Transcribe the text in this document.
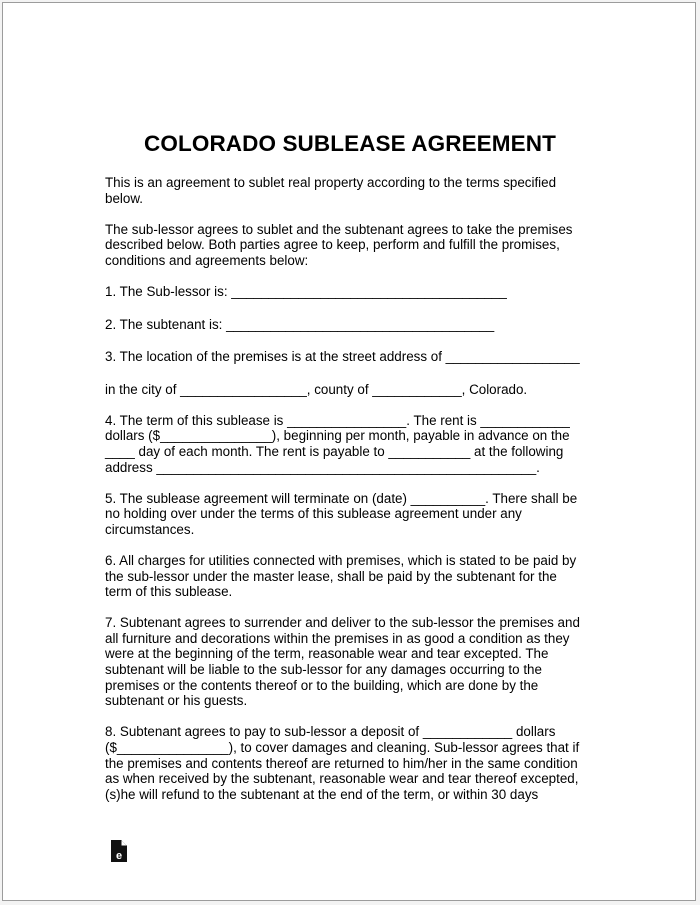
COLORADO SUBLEASE AGREEMENT

This is an agreement to sublet real property according to the terms specified
below.

The sub-lessor agrees to sublet and the subtenant agrees to take the premises
described below. Both parties agree to keep, perform and fulfill the promises,
conditions and agreements below:

1. The Sub-lessor is: _____________________________________

2. The subtenant is: ____________________________________

3. The location of the premises is at the street address of __________________

in the city of _________________, county of ____________, Colorado.

4. The term of this sublease is ________________. The rent is ____________
dollars ($_______________), beginning per month, payable in advance on the
____ day of each month. The rent is payable to ___________ at the following
address ___________________________________________________.

5. The sublease agreement will terminate on (date) __________. There shall be
no holding over under the terms of this sublease agreement under any
circumstances.

6. All charges for utilities connected with premises, which is stated to be paid by
the sub-lessor under the master lease, shall be paid by the subtenant for the
term of this sublease.

7. Subtenant agrees to surrender and deliver to the sub-lessor the premises and
all furniture and decorations within the premises in as good a condition as they
were at the beginning of the term, reasonable wear and tear excepted. The
subtenant will be liable to the sub-lessor for any damages occurring to the
premises or the contents thereof or to the building, which are done by the
subtenant or his guests.

8. Subtenant agrees to pay to sub-lessor a deposit of ____________ dollars
($_______________), to cover damages and cleaning. Sub-lessor agrees that if
the premises and contents thereof are returned to him/her in the same condition
as when received by the subtenant, reasonable wear and tear thereof excepted,
(s)he will refund to the subtenant at the end of the term, or within 30 days

e
